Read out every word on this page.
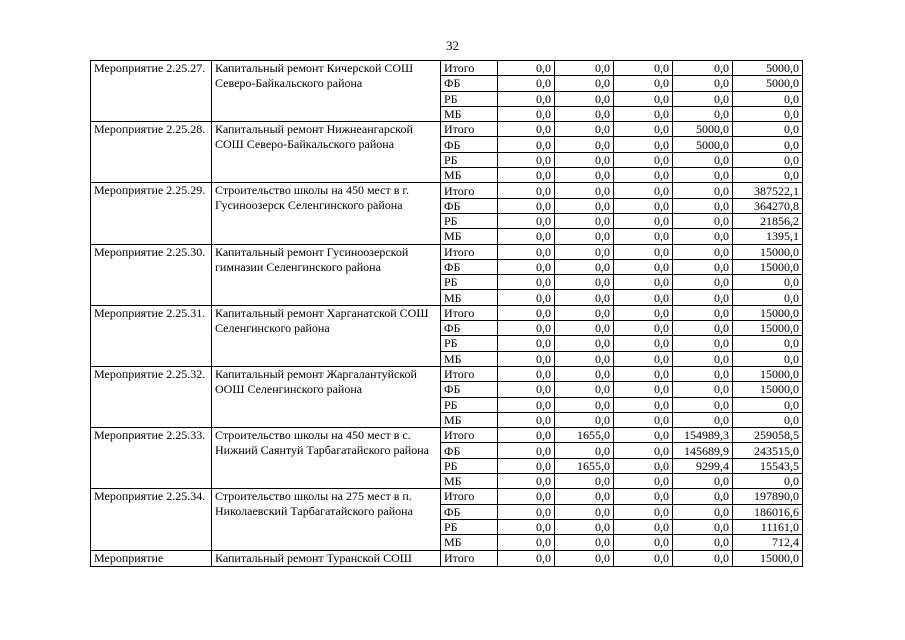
32
Мероприятие 2.25.27.	Капитальный ремонт Кичерской СОШ Северо-Байкальского района	Итого	0,0	0,0	0,0	0,0	5000,0
		ФБ	0,0	0,0	0,0	0,0	5000,0
		РБ	0,0	0,0	0,0	0,0	0,0
		МБ	0,0	0,0	0,0	0,0	0,0
Мероприятие 2.25.28.	Капитальный ремонт Нижнеангарской СОШ Северо-Байкальского района	Итого	0,0	0,0	0,0	5000,0	0,0
		ФБ	0,0	0,0	0,0	5000,0	0,0
		РБ	0,0	0,0	0,0	0,0	0,0
		МБ	0,0	0,0	0,0	0,0	0,0
Мероприятие 2.25.29.	Строительство школы на 450 мест в г. Гусиноозерск Селенгинского района	Итого	0,0	0,0	0,0	0,0	387522,1
		ФБ	0,0	0,0	0,0	0,0	364270,8
		РБ	0,0	0,0	0,0	0,0	21856,2
		МБ	0,0	0,0	0,0	0,0	1395,1
Мероприятие 2.25.30.	Капитальный ремонт Гусиноозерской гимназии Селенгинского района	Итого	0,0	0,0	0,0	0,0	15000,0
		ФБ	0,0	0,0	0,0	0,0	15000,0
		РБ	0,0	0,0	0,0	0,0	0,0
		МБ	0,0	0,0	0,0	0,0	0,0
Мероприятие 2.25.31.	Капитальный ремонт Харганатской СОШ Селенгинского района	Итого	0,0	0,0	0,0	0,0	15000,0
		ФБ	0,0	0,0	0,0	0,0	15000,0
		РБ	0,0	0,0	0,0	0,0	0,0
		МБ	0,0	0,0	0,0	0,0	0,0
Мероприятие 2.25.32.	Капитальный ремонт Жаргалантуйской ООШ Селенгинского района	Итого	0,0	0,0	0,0	0,0	15000,0
		ФБ	0,0	0,0	0,0	0,0	15000,0
		РБ	0,0	0,0	0,0	0,0	0,0
		МБ	0,0	0,0	0,0	0,0	0,0
Мероприятие 2.25.33.	Строительство школы на 450 мест в с. Нижний Саянтуй Тарбагатайского района	Итого	0,0	1655,0	0,0	154989,3	259058,5
		ФБ	0,0	0,0	0,0	145689,9	243515,0
		РБ	0,0	1655,0	0,0	9299,4	15543,5
		МБ	0,0	0,0	0,0	0,0	0,0
Мероприятие 2.25.34.	Строительство школы на 275 мест в п. Николаевский Тарбагатайского района	Итого	0,0	0,0	0,0	0,0	197890,0
		ФБ	0,0	0,0	0,0	0,0	186016,6
		РБ	0,0	0,0	0,0	0,0	11161,0
		МБ	0,0	0,0	0,0	0,0	712,4
Мероприятие	Капитальный ремонт Туранской СОШ	Итого	0,0	0,0	0,0	0,0	15000,0
